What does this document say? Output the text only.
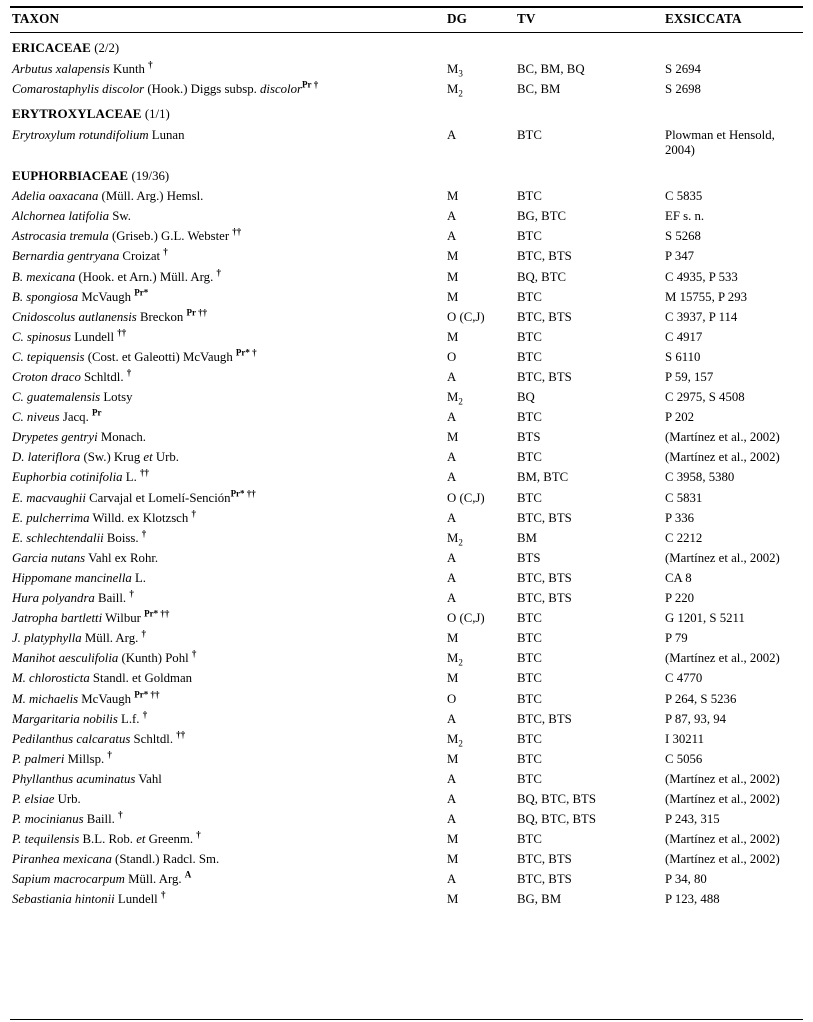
TAXON	DG	TV	EXSICCATA
ERICACEAE (2/2)			
Arbutus xalapensis Kunth †	$M_3$	BC, BM, BQ	S 2694
Comarostaphylis discolor (Hook.) Diggs subsp. discolor$^{Pr}$ †	$M_2$	BC, BM	S 2698
ERYTROXYLACEAE (1/1)			
Erytroxylum rotundifolium Lunan	A	BTC	Plowman et Hensold, 2004)
EUPHORBIACEAE (19/36)			
Adelia oaxacana (Müll. Arg.) Hemsl.	M	BTC	C 5835
Alchornea latifolia Sw.	A	BG, BTC	EF s. n.
Astrocasia tremula (Griseb.) G.L. Webster ††	A	BTC	S 5268
Bernardia gentryana Croizat †	M	BTC, BTS	P 347
B. mexicana (Hook. et Arn.) Müll. Arg. †	M	BQ, BTC	C 4935, P 533
B. spongiosa McVaugh $^{Pr*}$	M	BTC	M 15755, P 293
Cnidoscolus autlanensis Breckon $^{Pr \dagger\dagger}$	O (C,J)	BTC, BTS	C 3937, P 114
C. spinosus Lundell ††	M	BTC	C 4917
C. tepiquensis (Cost. et Galeotti) McVaugh $^{Pr* \dagger}$	O	BTC	S 6110
Croton draco Schltdl. †	A	BTC, BTS	P 59, 157
C. guatemalensis Lotsy	$M_2$	BQ	C 2975, S 4508
C. niveus Jacq. $^{Pr}$	A	BTC	P 202
Drypetes gentryi Monach.	M	BTS	(Martínez et al., 2002)
D. lateriflora (Sw.) Krug et Urb.	A	BTC	(Martínez et al., 2002)
Euphorbia cotinifolia L. ††	A	BM, BTC	C 3958, 5380
E. macvaughii Carvajal et Lomelí-Sención$^{Pr* \dagger\dagger}$	O (C,J)	BTC	C 5831
E. pulcherrima Willd. ex Klotzsch †	A	BTC, BTS	P 336
E. schlechtendalii Boiss. †	$M_2$	BM	C 2212
Garcia nutans Vahl ex Rohr.	A	BTS	(Martínez et al., 2002)
Hippomane mancinella L.	A	BTC, BTS	CA 8
Hura polyandra Baill. †	A	BTC, BTS	P 220
Jatropha bartletti Wilbur $^{Pr* \dagger\dagger}$	O (C,J)	BTC	G 1201, S 5211
J. platyphylla Müll. Arg. †	M	BTC	P 79
Manihot aesculifolia (Kunth) Pohl †	$M_2$	BTC	(Martínez et al., 2002)
M. chlorosticta Standl. et Goldman	M	BTC	C 4770
M. michaelis McVaugh $^{Pr* \dagger\dagger}$	O	BTC	P 264, S 5236
Margaritaria nobilis L.f. †	A	BTC, BTS	P 87, 93, 94
Pedilanthus calcaratus Schltdl. ††	$M_2$	BTC	I 30211
P. palmeri Millsp. †	M	BTC	C 5056
Phyllanthus acuminatus Vahl	A	BTC	(Martínez et al., 2002)
P. elsiae Urb.	A	BQ, BTC, BTS	(Martínez et al., 2002)
P. mocinianus Baill. †	A	BQ, BTC, BTS	P 243, 315
P. tequilensis B.L. Rob. et Greenm. †	M	BTC	(Martínez et al., 2002)
Piranhea mexicana (Standl.) Radcl. Sm.	M	BTC, BTS	(Martínez et al., 2002)
Sapium macrocarpum Müll. Arg. $^A$	A	BTC, BTS	P 34, 80
Sebastiania hintonii Lundell †	M	BG, BM	P 123, 488
